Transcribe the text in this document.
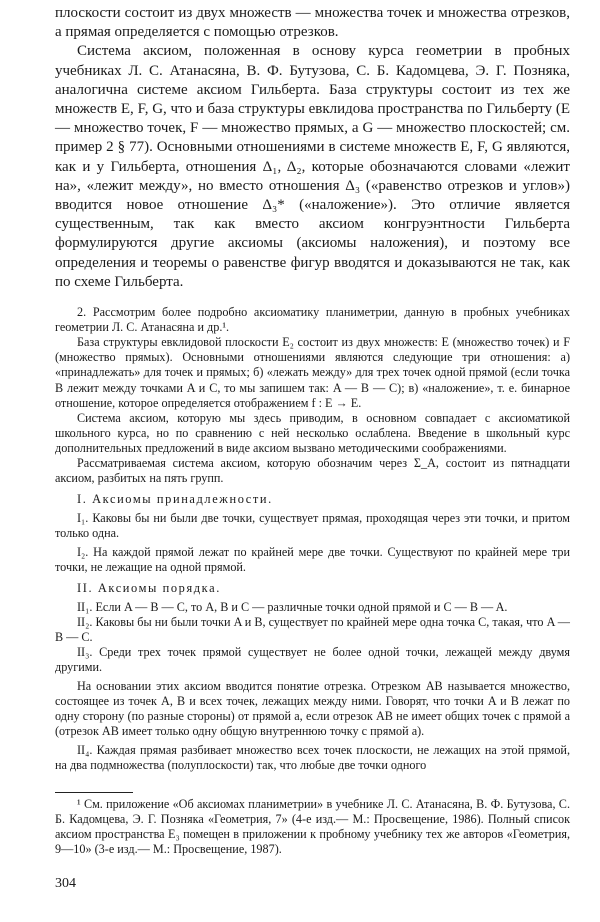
плоскости состоит из двух множеств — множества точек и множества отрезков, а прямая определяется с помощью отрезков.

Система аксиом, положенная в основу курса геометрии в пробных учебниках Л. С. Атанасяна, В. Ф. Бутузова, С. Б. Кадомцева, Э. Г. Позняка, аналогична системе аксиом Гильберта. База структуры состоит из тех же множеств E, F, G, что и база структуры евклидова пространства по Гильберту (E — множество точек, F — множество прямых, а G — множество плоскостей; см. пример 2 § 77). Основными отношениями в системе множеств E, F, G являются, как и у Гильберта, отношения Δ₁, Δ₂, которые обозначаются словами «лежит на», «лежит между», но вместо отношения Δ₃ («равенство отрезков и углов») вводится новое отношение Δ₃* («наложение»). Это отличие является существенным, так как вместо аксиом конгруэнтности Гильберта формулируются другие аксиомы (аксиомы наложения), и поэтому все определения и теоремы о равенстве фигур вводятся и доказываются не так, как по схеме Гильберта.

2. Рассмотрим более подробно аксиоматику планиметрии, данную в пробных учебниках геометрии Л. С. Атанасяна и др.¹.

База структуры евклидовой плоскости E₂ состоит из двух множеств: E (множество точек) и F (множество прямых). Основными отношениями являются следующие три отношения: а) «принадлежать» для точек и прямых; б) «лежать между» для трех точек одной прямой (если точка B лежит между точками A и C, то мы запишем так: A — B — C); в) «наложение», т. е. бинарное отношение, которое определяется отображением f : E → E.

Система аксиом, которую мы здесь приводим, в основном совпадает с аксиоматикой школьного курса, но по сравнению с ней несколько ослаблена. Введение в школьный курс дополнительных предложений в виде аксиом вызвано методическими соображениями.

Рассматриваемая система аксиом, которую обозначим через Σ_A, состоит из пятнадцати аксиом, разбитых на пять групп.

I. Аксиомы принадлежности.

I₁. Каковы бы ни были две точки, существует прямая, проходящая через эти точки, и притом только одна.

I₂. На каждой прямой лежат по крайней мере две точки. Существуют по крайней мере три точки, не лежащие на одной прямой.

II. Аксиомы порядка.

II₁. Если A — B — C, то A, B и C — различные точки одной прямой и C — B — A.

II₂. Каковы бы ни были точки A и B, существует по крайней мере одна точка C, такая, что A — B — C.

II₃. Среди трех точек прямой существует не более одной точки, лежащей между двумя другими.

На основании этих аксиом вводится понятие отрезка. Отрезком AB называется множество, состоящее из точек A, B и всех точек, лежащих между ними. Говорят, что точки A и B лежат по одну сторону (по разные стороны) от прямой a, если отрезок AB не имеет общих точек с прямой a (отрезок AB имеет только одну общую внутреннюю точку с прямой a).

II₄. Каждая прямая разбивает множество всех точек плоскости, не лежащих на этой прямой, на два подмножества (полуплоскости) так, что любые две точки одного

¹ См. приложение «Об аксиомах планиметрии» в учебнике Л. С. Атанасяна, В. Ф. Бутузова, С. Б. Кадомцева, Э. Г. Позняка «Геометрия, 7» (4-е изд.— М.: Просвещение, 1986). Полный список аксиом пространства E₃ помещен в приложении к пробному учебнику тех же авторов «Геометрия, 9—10» (3-е изд.— М.: Просвещение, 1987).

304
